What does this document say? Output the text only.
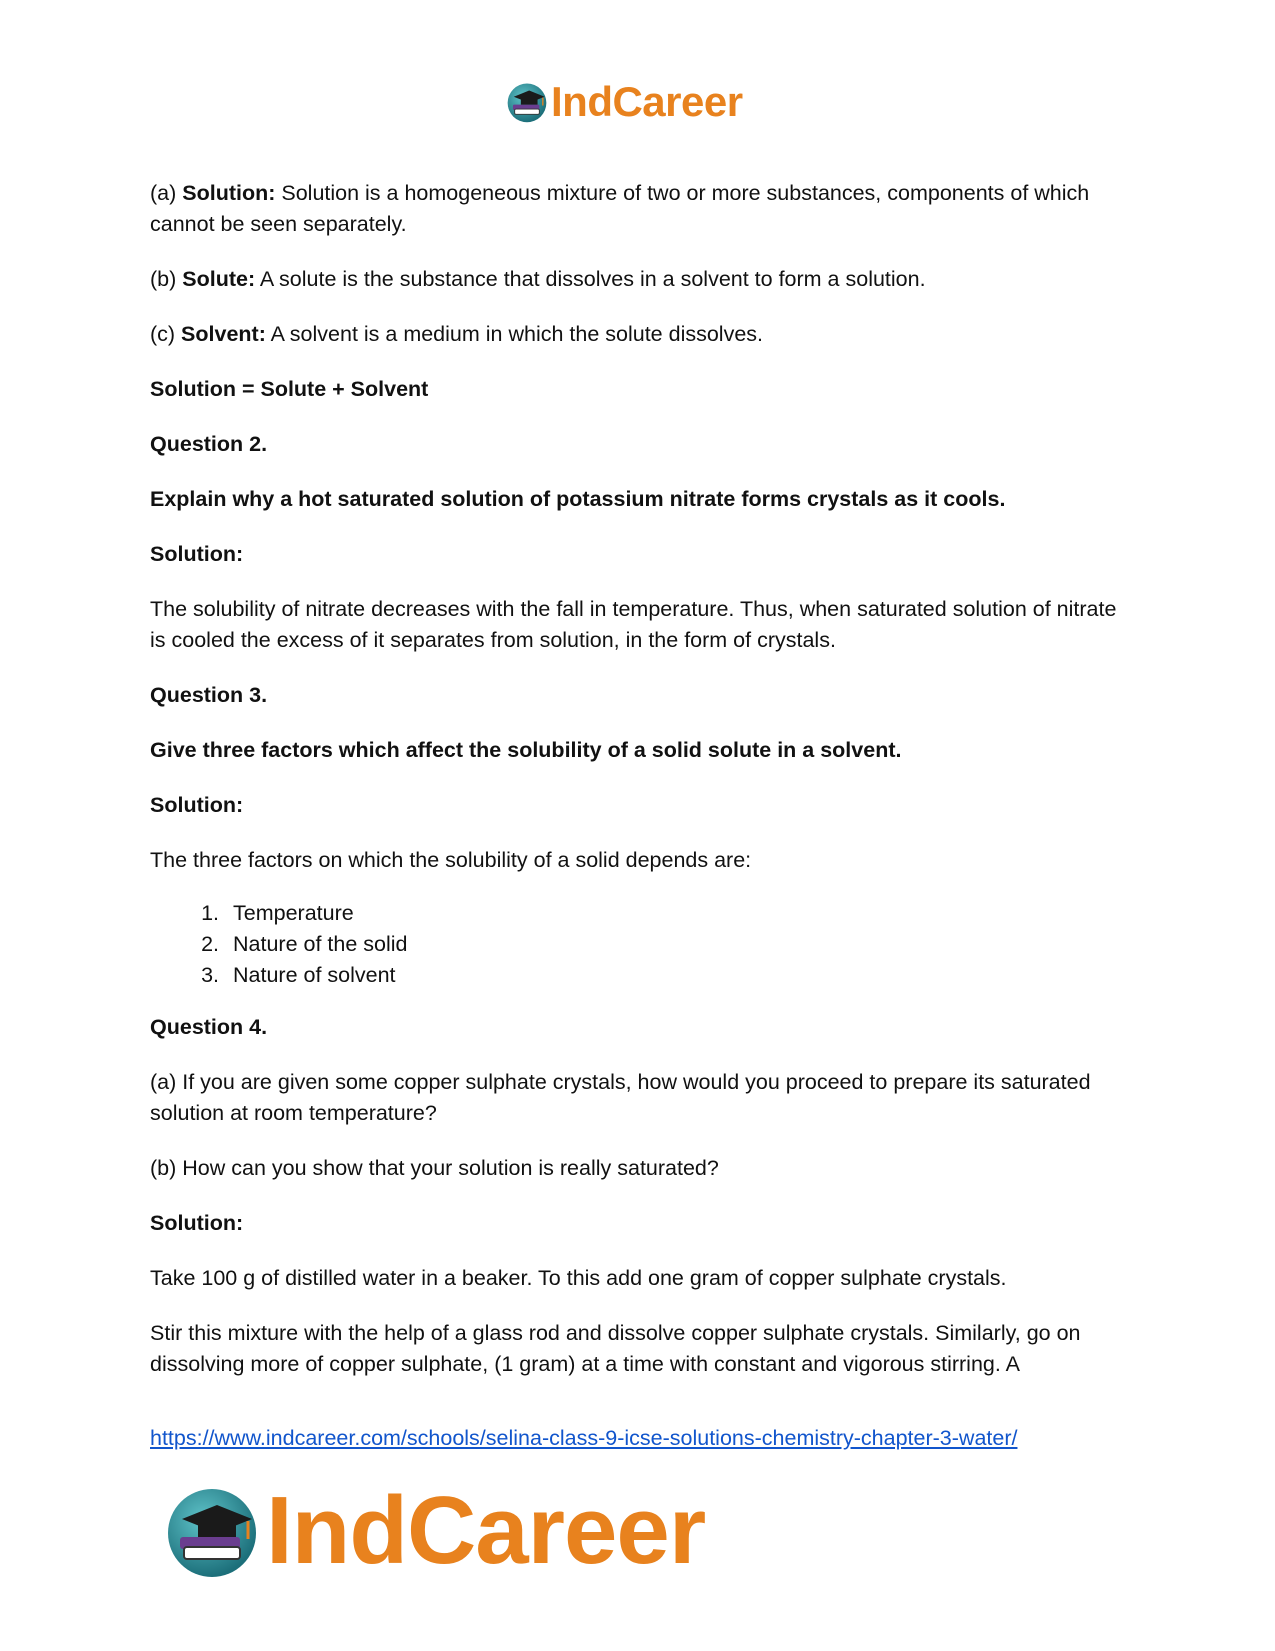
IndCareer

(a) Solution: Solution is a homogeneous mixture of two or more substances, components of which cannot be seen separately.

(b) Solute: A solute is the substance that dissolves in a solvent to form a solution.

(c) Solvent: A solvent is a medium in which the solute dissolves.

Solution = Solute + Solvent

Question 2.

Explain why a hot saturated solution of potassium nitrate forms crystals as it cools.

Solution:

The solubility of nitrate decreases with the fall in temperature. Thus, when saturated solution of nitrate is cooled the excess of it separates from solution, in the form of crystals.

Question 3.

Give three factors which affect the solubility of a solid solute in a solvent.

Solution:

The three factors on which the solubility of a solid depends are:

1. Temperature
2. Nature of the solid
3. Nature of solvent

Question 4.

(a) If you are given some copper sulphate crystals, how would you proceed to prepare its saturated solution at room temperature?

(b) How can you show that your solution is really saturated?

Solution:

Take 100 g of distilled water in a beaker. To this add one gram of copper sulphate crystals.

Stir this mixture with the help of a glass rod and dissolve copper sulphate crystals. Similarly, go on dissolving more of copper sulphate, (1 gram) at a time with constant and vigorous stirring. A

https://www.indcareer.com/schools/selina-class-9-icse-solutions-chemistry-chapter-3-water/
IndCareer
